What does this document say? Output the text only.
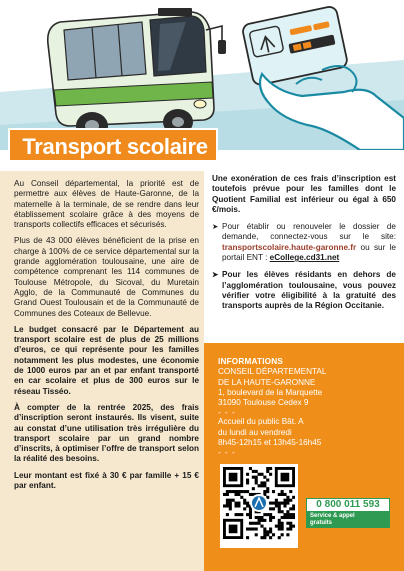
Transport scolaire

Au Conseil départemental, la priorité est de permettre aux élèves de Haute-Garonne, de la maternelle à la terminale, de se rendre dans leur établissement scolaire grâce à des moyens de transports collectifs efficaces et sécurisés.

Plus de 43 000 élèves bénéficient de la prise en charge à 100% de ce service départemental sur la grande agglomération toulousaine, une aire de compétence comprenant les 114 communes de Toulouse Métropole, du Sicoval, du Muretain Agglo, de la Communauté de Communes du Grand Ouest Toulousain et de la Communauté de Communes des Coteaux de Bellevue.

Le budget consacré par le Département au transport scolaire est de plus de 25 millions d’euros, ce qui représente pour les familles notamment les plus modestes, une économie de 1000 euros par an et par enfant transporté en car scolaire et plus de 300 euros sur le réseau Tisséo.

À compter de la rentrée 2025, des frais d’inscription seront instaurés. Ils visent, suite au constat d’une utilisation très irrégulière du transport scolaire par un grand nombre d’inscrits, à optimiser l’offre de transport selon la réalité des besoins.

Leur montant est fixé à 30 € par famille + 15 € par enfant.

Une exonération de ces frais d’inscription est toutefois prévue pour les familles dont le Quotient Familial est inférieur ou égal à 650 €/mois.

➤ Pour établir ou renouveler le dossier de demande, connectez-vous sur le site: transportscolaire.haute-garonne.fr ou sur le portail ENT : eCollege.cd31.net

➤ Pour les élèves résidants en dehors de l’agglomération toulousaine, vous pouvez vérifier votre éligibilité à la gratuité des transports auprès de la Région Occitanie.

INFORMATIONS
CONSEIL DÉPARTEMENTAL
DE LA HAUTE-GARONNE
1, boulevard de la Marquette
31090 Toulouse Cedex 9
- - -
Accueil du public Bât. A
du lundi au vendredi
8h45-12h15 et 13h45-16h45
- - -
0 800 011 593
Service & appel
gratuits
